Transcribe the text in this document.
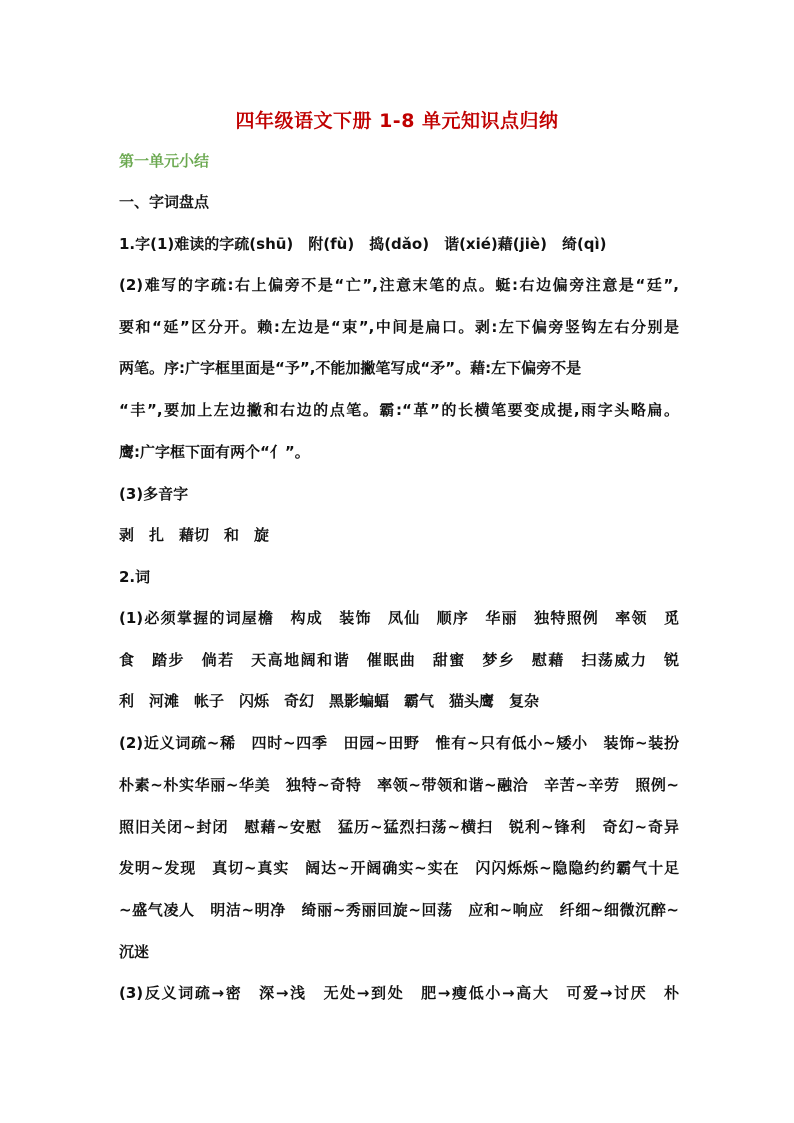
四年级语文下册 1-8 单元知识点归纳
第一单元小结
一、字词盘点
1.字(1)难读的字疏(shū)　附(fù)　捣(dǎo)　谐(xié)藉(jiè)　绮(qì)
(2)难写的字疏:右上偏旁不是“亡”,注意末笔的点。蜓:右边偏旁注意是“廷”,
要和“延”区分开。赖:左边是“束”,中间是扁口。剥:左下偏旁竖钩左右分别是
两笔。序:广字框里面是“予”,不能加撇笔写成“矛”。藉:左下偏旁不是
“丰”,要加上左边撇和右边的点笔。霸:“革”的长横笔要变成提,雨字头略扁。
鹰:广字框下面有两个“亻”。
(3)多音字
剥　扎　藉切　和　旋
2.词
(1)必须掌握的词屋檐　构成　装饰　凤仙　顺序　华丽　独特照例　率领　觅
食　踏步　倘若　天高地阔和谐　催眠曲　甜蜜　梦乡　慰藉　扫荡威力　锐
利　河滩　帐子　闪烁　奇幻　黑影蝙蝠　霸气　猫头鹰　复杂
(2)近义词疏~稀　四时~四季　田园~田野　惟有~只有低小~矮小　装饰~装扮
朴素~朴实华丽~华美　独特~奇特　率领~带领和谐~融洽　辛苦~辛劳　照例~
照旧关闭~封闭　慰藉~安慰　猛历~猛烈扫荡~横扫　锐利~锋利　奇幻~奇异
发明~发现　真切~真实　阔达~开阔确实~实在　闪闪烁烁~隐隐约约霸气十足
~盛气凌人　明洁~明净　绮丽~秀丽回旋~回荡　应和~响应　纤细~细微沉醉~
沉迷
(3)反义词疏→密　深→浅　无处→到处　肥→瘦低小→高大　可爱→讨厌　朴
